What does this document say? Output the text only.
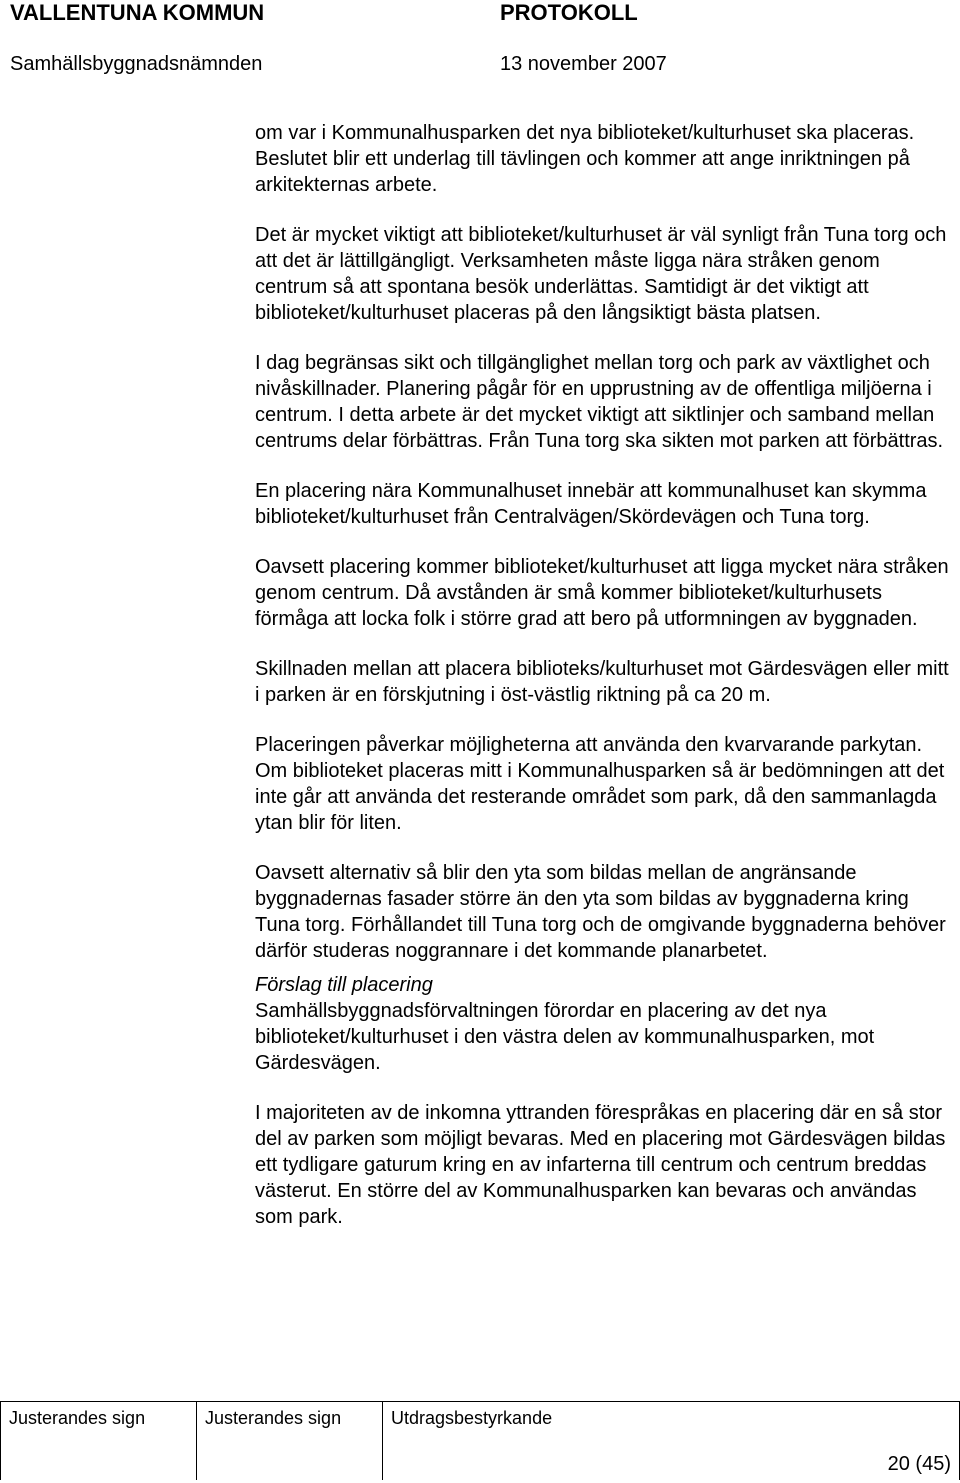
VALLENTUNA KOMMUN	PROTOKOLL
Samhällsbyggnadsnämnden	13 november 2007

om var i Kommunalhusparken det nya biblioteket/kulturhuset ska placeras. Beslutet blir ett underlag till tävlingen och kommer att ange inriktningen på arkitekternas arbete.

Det är mycket viktigt att biblioteket/kulturhuset är väl synligt från Tuna torg och att det är lättillgängligt. Verksamheten måste ligga nära stråken genom centrum så att spontana besök underlättas. Samtidigt är det viktigt att biblioteket/kulturhuset placeras på den långsiktigt bästa platsen.

I dag begränsas sikt och tillgänglighet mellan torg och park av växtlighet och nivåskillnader. Planering pågår för en upprustning av de offentliga miljöerna i centrum. I detta arbete är det mycket viktigt att siktlinjer och samband mellan centrums delar förbättras. Från Tuna torg ska sikten mot parken att förbättras.

En placering nära Kommunalhuset innebär att kommunalhuset kan skymma biblioteket/kulturhuset från Centralvägen/Skördevägen och Tuna torg.

Oavsett placering kommer biblioteket/kulturhuset att ligga mycket nära stråken genom centrum. Då avstånden är små kommer biblioteket/kulturhusets förmåga att locka folk i större grad att bero på utformningen av byggnaden.

Skillnaden mellan att placera biblioteks/kulturhuset mot Gärdesvägen eller mitt i parken är en förskjutning i öst-västlig riktning på ca 20 m.

Placeringen påverkar möjligheterna att använda den kvarvarande parkytan. Om biblioteket placeras mitt i Kommunalhusparken så är bedömningen att det inte går att använda det resterande området som park, då den sammanlagda ytan blir för liten.

Oavsett alternativ så blir den yta som bildas mellan de angränsande byggnadernas fasader större än den yta som bildas av byggnaderna kring Tuna torg. Förhållandet till Tuna torg och de omgivande byggnaderna behöver därför studeras noggrannare i det kommande planarbetet.

Förslag till placering

Samhällsbyggnadsförvaltningen förordar en placering av det nya biblioteket/kulturhuset i den västra delen av kommunalhusparken, mot Gärdesvägen.

I majoriteten av de inkomna yttranden förespråkas en placering där en så stor del av parken som möjligt bevaras. Med en placering mot Gärdesvägen bildas ett tydligare gaturum kring en av infarterna till centrum och centrum breddas västerut. En större del av Kommunalhusparken kan bevaras och användas som park.

Justerandes sign	Justerandes sign	Utdragsbestyrkande
20 (45)
